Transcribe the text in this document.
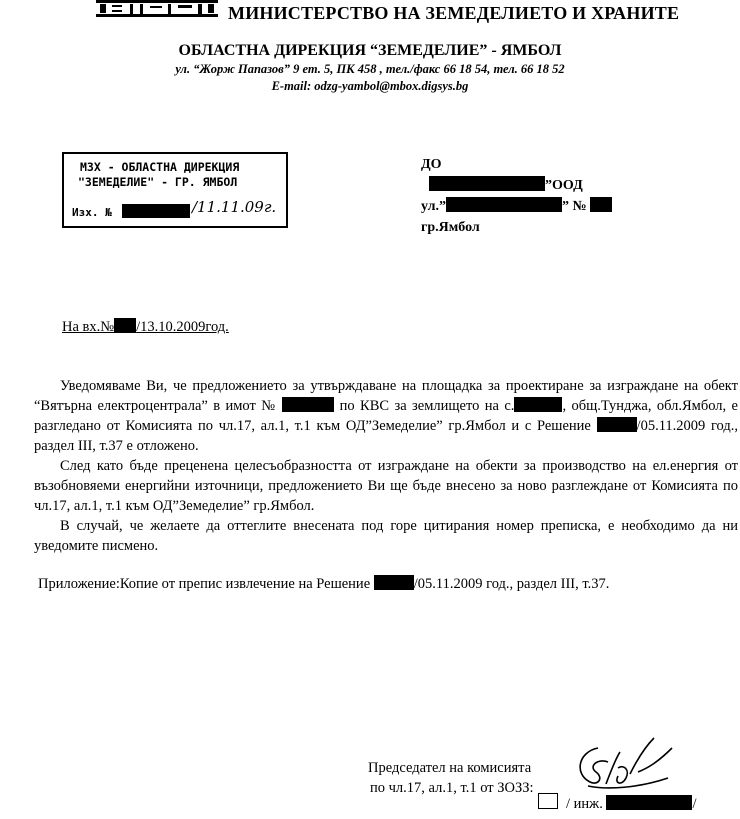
МИНИСТЕРСТВО НА ЗЕМЕДЕЛИЕТО И ХРАНИТЕ
ОБЛАСТНА ДИРЕКЦИЯ “ЗЕМЕДЕЛИЕ” - ЯМБОЛ
ул. “Жорж Папазов” 9 ет. 5, ПК 458 , тел./факс 66 18 54, тел. 66 18 52
E-mail: odzg-yambol@mbox.digsys.bg
МЗХ - ОБЛАСТНА ДИРЕКЦИЯ
"ЗЕМЕДЕЛИЕ" - ГР. ЯМБОЛ
Изх. №	/11.11.09г.
ДО
”ООД
ул.”	” №
гр.Ямбол
На вх.№ /13.10.2009год.

Уведомяваме Ви, че предложението за утвърждаване на площадка за проектиране за изграждане на обект “Вятърна електроцентрала” в имот №	по КВС за землището на с.	, общ.Тунджа, обл.Ямбол, е разгледано от Комисията по чл.17, ал.1, т.1 към ОД”Земеделие” гр.Ямбол и с Решение	/05.11.2009 год., раздел III, т.37 е отложено.

След като бъде преценена целесъобразността от изграждане на обекти за производство на ел.енергия от възобновяеми енергийни източници, предложението Ви ще бъде внесено за ново разглеждане от Комисията по чл.17, ал.1, т.1 към ОД”Земеделие” гр.Ямбол.

В случай, че желаете да оттеглите внесената под горе цитирания номер преписка, е необходимо да ни уведомите писмено.

Приложение:Копие от препис извлечение на Решение	/05.11.2009 год., раздел III, т.37.
Председател на комисията
по чл.17, ал.1, т.1 от ЗОЗЗ:
/ инж.	/
